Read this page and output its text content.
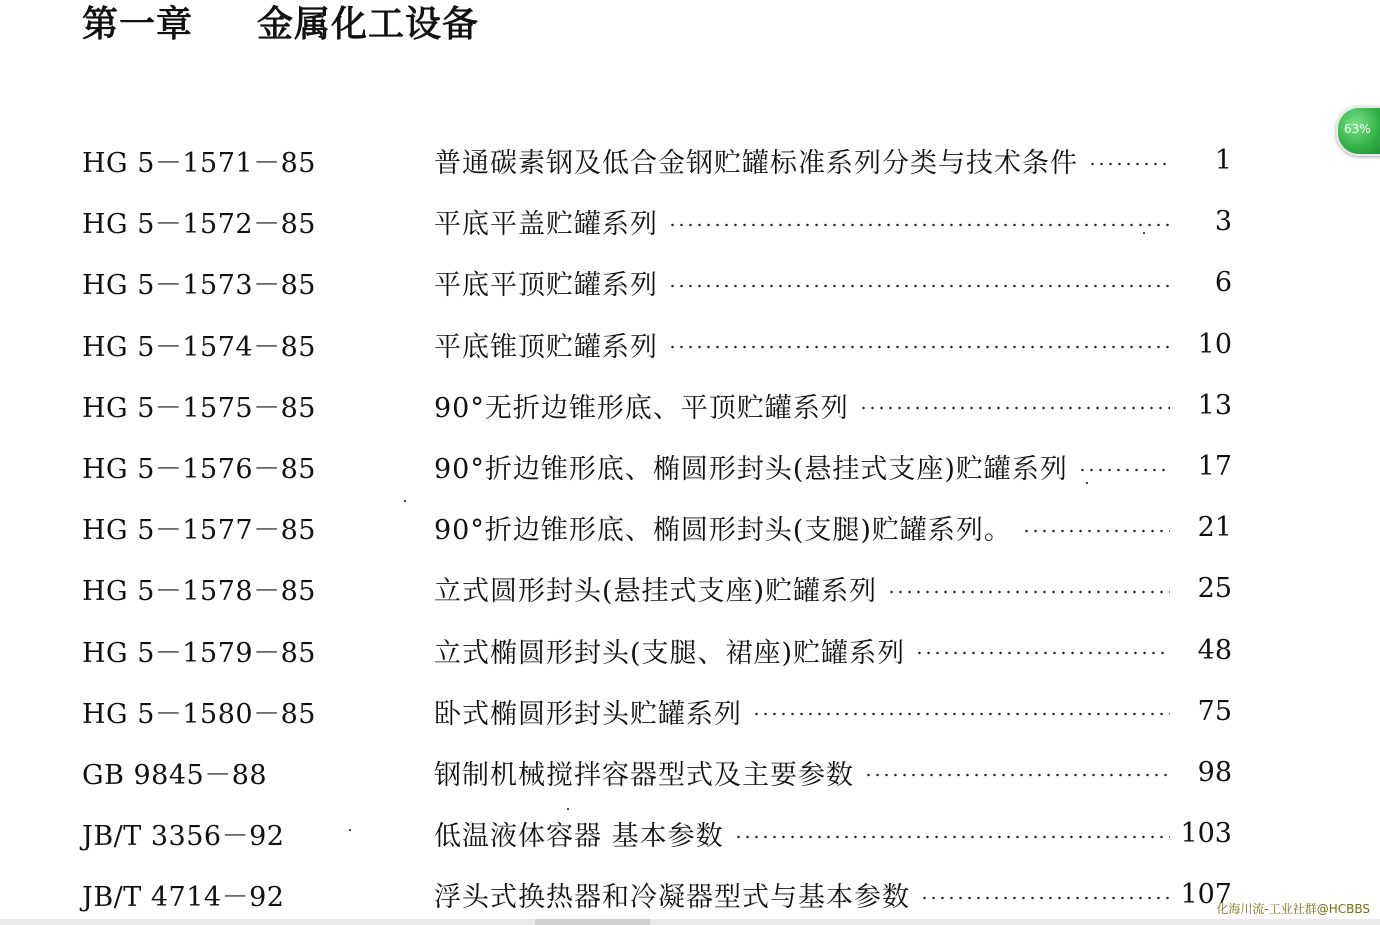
第一章 金属化工设备
HG 5－1571－85	普通碳素钢及低合金钢贮罐标准系列分类与技术条件	1
HG 5－1572－85	平底平盖贮罐系列	3
HG 5－1573－85	平底平顶贮罐系列	6
HG 5－1574－85	平底锥顶贮罐系列	10
HG 5－1575－85	90°无折边锥形底、平顶贮罐系列	13
HG 5－1576－85	90°折边锥形底、椭圆形封头(悬挂式支座)贮罐系列	17
HG 5－1577－85	90°折边锥形底、椭圆形封头(支腿)贮罐系列。	21
HG 5－1578－85	立式圆形封头(悬挂式支座)贮罐系列	25
HG 5－1579－85	立式椭圆形封头(支腿、裙座)贮罐系列	48
HG 5－1580－85	卧式椭圆形封头贮罐系列	75
GB 9845－88	钢制机械搅拌容器型式及主要参数	98
JB/T 3356－92	低温液体容器 基本参数	103
JB/T 4714－92	浮头式换热器和冷凝器型式与基本参数	107
63%
化海川流-工业社群@HCBBS
